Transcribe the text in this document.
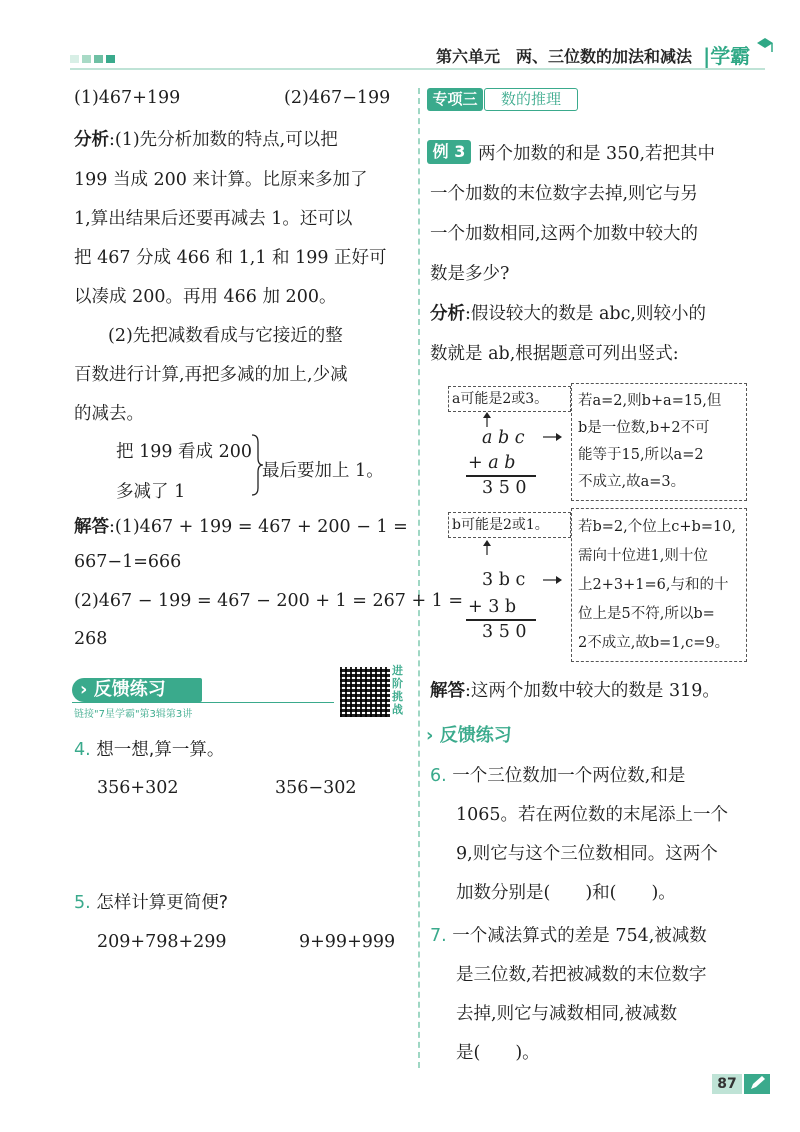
第六单元　两、三位数的加法和减法 |学霸
(1)467+199	(2)467−199
分析:(1)先分析加数的特点,可以把
199 当成 200 来计算。比原来多加了
1,算出结果后还要再减去 1。还可以
把 467 分成 466 和 1,1 和 199 正好可
以凑成 200。再用 466 加 200。
(2)先把减数看成与它接近的整
百数进行计算,再把多减的加上,少减
的减去。
把 199 看成 200
多减了 1
最后要加上 1。
解答:(1)467 + 199 = 467 + 200 − 1 =
667−1=666
(2)467 − 199 = 467 − 200 + 1 = 267 + 1 =
268
› 反馈练习
链接"7星学霸"第3辑第3讲
进阶挑战
4. 想一想,算一算。
356+302	356−302
5. 怎样计算更简便?
209+798+299	9+99+999
专项三	数的推理
例 3 两个加数的和是 350,若把其中
一个加数的末位数字去掉,则它与另
一个加数相同,这两个加数中较大的
数是多少?
分析:假设较大的数是 abc,则较小的
数就是 ab,根据题意可列出竖式:
a可能是2或3。	若a=2,则b+a=15,但
b是一位数,b+2不可
能等于15,所以a=2
不成立,故a=3。
a b c
+ a b
3 5 0
b可能是2或1。	若b=2,个位上c+b=10,
需向十位进1,则十位
上2+3+1=6,与和的十
位上是5不符,所以b=
2不成立,故b=1,c=9。
3 b c
+ 3 b
3 5 0
解答:这两个加数中较大的数是 319。
› 反馈练习
6. 一个三位数加一个两位数,和是
1065。若在两位数的末尾添上一个
9,则它与这个三位数相同。这两个
加数分别是(　　)和(　　)。
7. 一个减法算式的差是 754,被减数
是三位数,若把被减数的末位数字
去掉,则它与减数相同,被减数
是(　　)。
87
